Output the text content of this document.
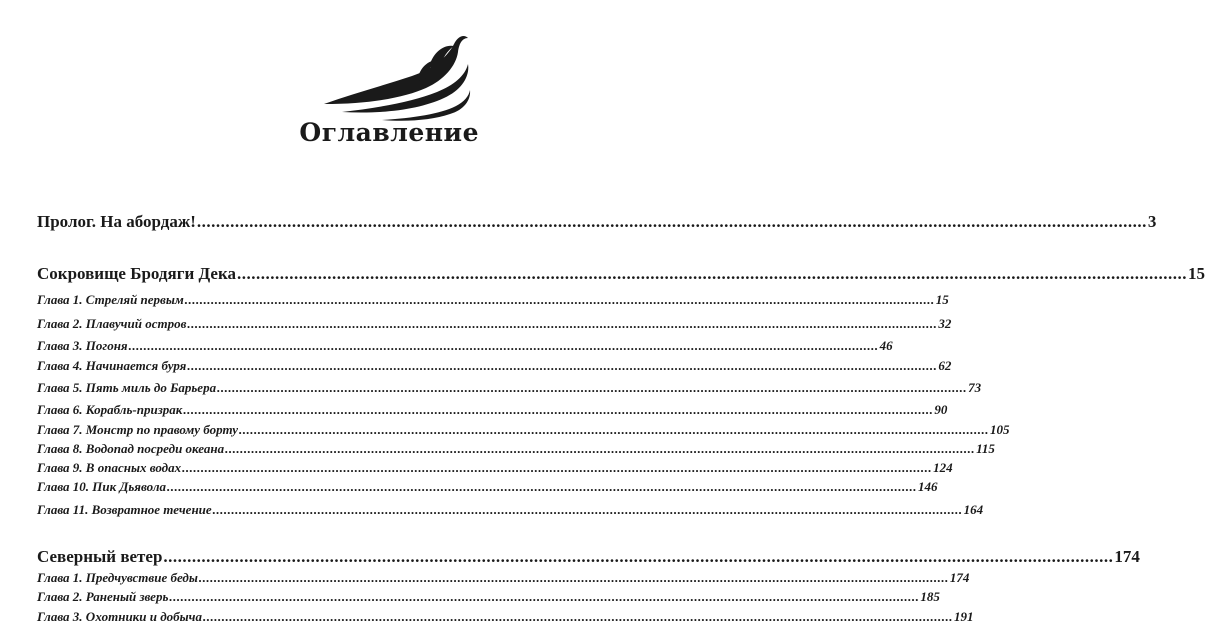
Оглавление
Пролог. На абордаж! ........................................................................................................................................................................................................ 3
Сокровище Бродяги Дека ........................................................................................................................................................................................................ 15
Глава 1. Стреляй первым ........................................................................................................................................................................................................ 15
Глава 2. Плавучий остров ........................................................................................................................................................................................................ 32
Глава 3. Погоня ........................................................................................................................................................................................................ 46
Глава 4. Начинается буря ........................................................................................................................................................................................................ 62
Глава 5. Пять миль до Барьера ........................................................................................................................................................................................................ 73
Глава 6. Корабль-призрак ........................................................................................................................................................................................................ 90
Глава 7. Монстр по правому борту ........................................................................................................................................................................................................ 105
Глава 8. Водопад посреди океана ........................................................................................................................................................................................................ 115
Глава 9. В опасных водах ........................................................................................................................................................................................................ 124
Глава 10. Пик Дьявола ........................................................................................................................................................................................................ 146
Глава 11. Возвратное течение ........................................................................................................................................................................................................ 164
Северный ветер ........................................................................................................................................................................................................ 174
Глава 1. Предчувствие беды ........................................................................................................................................................................................................ 174
Глава 2. Раненый зверь ........................................................................................................................................................................................................ 185
Глава 3. Охотники и добыча ........................................................................................................................................................................................................ 191
